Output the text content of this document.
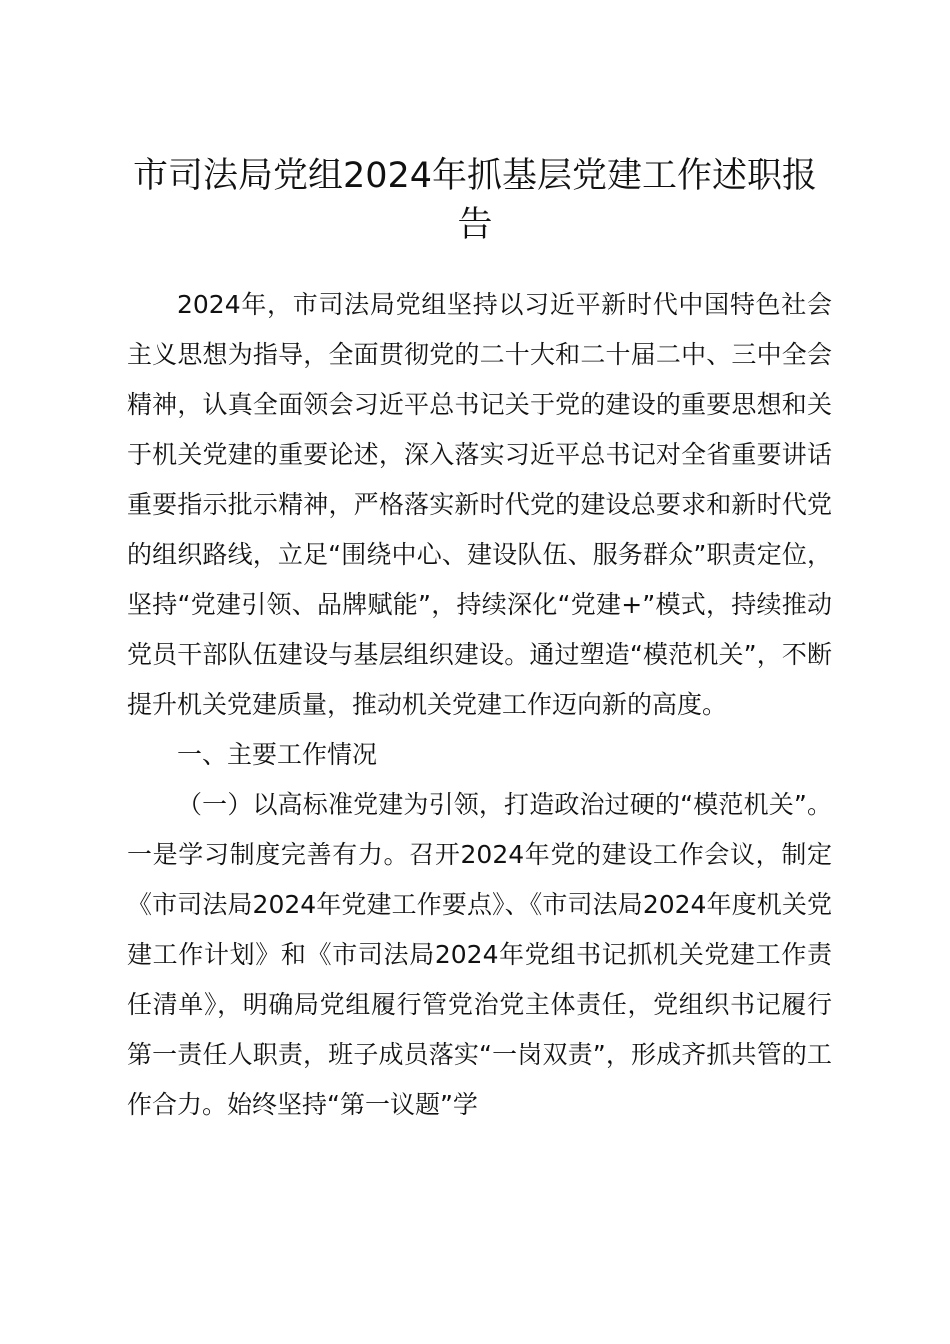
市司法局党组2024年抓基层党建工作述职报告

2024年，市司法局党组坚持以习近平新时代中国特色社会主义思想为指导，全面贯彻党的二十大和二十届二中、三中全会精神，认真全面领会习近平总书记关于党的建设的重要思想和关于机关党建的重要论述，深入落实习近平总书记对全省重要讲话重要指示批示精神，严格落实新时代党的建设总要求和新时代党的组织路线，立足“围绕中心、建设队伍、服务群众”职责定位，坚持“党建引领、品牌赋能”，持续深化“党建+”模式，持续推动党员干部队伍建设与基层组织建设。通过塑造“模范机关”，不断提升机关党建质量，推动机关党建工作迈向新的高度。

一、主要工作情况

（一）以高标准党建为引领，打造政治过硬的“模范机关”。一是学习制度完善有力。召开2024年党的建设工作会议，制定《市司法局2024年党建工作要点》、《市司法局2024年度机关党建工作计划》和《市司法局2024年党组书记抓机关党建工作责任清单》，明确局党组履行管党治党主体责任，党组织书记履行第一责任人职责，班子成员落实“一岗双责”，形成齐抓共管的工作合力。始终坚持“第一议题”学
